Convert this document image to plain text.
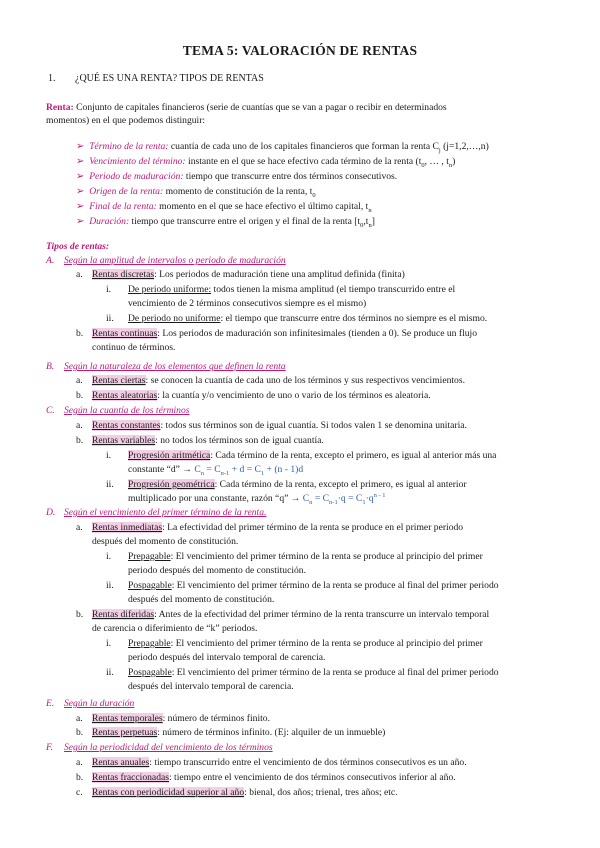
TEMA 5: VALORACIÓN DE RENTAS
1. ¿QUÉ ES UNA RENTA? TIPOS DE RENTAS
Renta: Conjunto de capitales financieros (serie de cuantías que se van a pagar o recibir en determinados
momentos) en el que podemos distinguir:
➢ Término de la renta: cuantía de cada uno de los capitales financieros que forman la renta $C_j$ (j=1,2,…,n)
➢ Vencimiento del término: instante en el que se hace efectivo cada término de la renta ($t_0$, … , $t_n$)
➢ Periodo de maduración: tiempo que transcurre entre dos términos consecutivos.
➢ Origen de la renta: momento de constitución de la renta, $t_0$
➢ Final de la renta: momento en el que se hace efectivo el último capital, $t_n$
➢ Duración: tiempo que transcurre entre el origen y el final de la renta $[t_0,t_n]$
Tipos de rentas:
A. Según la amplitud de intervalos o periodo de maduración
a. Rentas discretas: Los periodos de maduración tiene una amplitud definida (finita)
i. De periodo uniforme: todos tienen la misma amplitud (el tiempo transcurrido entre el
vencimiento de 2 términos consecutivos siempre es el mismo)
ii. De periodo no uniforme: el tiempo que transcurre entre dos términos no siempre es el mismo.
b. Rentas continuas: Los periodos de maduración son infinitesimales (tienden a 0). Se produce un flujo
continuo de términos.
B. Según la naturaleza de los elementos que definen la renta
a. Rentas ciertas: se conocen la cuantía de cada uno de los términos y sus respectivos vencimientos.
b. Rentas aleatorias: la cuantía y/o vencimiento de uno o vario de los términos es aleatoria.
C. Según la cuantía de los términos
a. Rentas constantes: todos sus términos son de igual cuantía. Si todos valen 1 se denomina unitaria.
b. Rentas variables: no todos los términos son de igual cuantía.
i. Progresión aritmética: Cada término de la renta, excepto el primero, es igual al anterior más una
constante “d” → $C_n = C_{n-1} + d = C_1 + (n - 1)d$
ii. Progresión geométrica: Cada término de la renta, excepto el primero, es igual al anterior
multiplicado por una constante, razón “q” → $C_n = C_{n-1}\cdot q = C_1\cdot q^{n - 1}$
D. Según el vencimiento del primer término de la renta.
a. Rentas inmediatas: La efectividad del primer término de la renta se produce en el primer periodo
después del momento de constitución.
i. Prepagable: El vencimiento del primer término de la renta se produce al principio del primer
periodo después del momento de constitución.
ii. Pospagable: El vencimiento del primer término de la renta se produce al final del primer periodo
después del momento de constitución.
b. Rentas diferidas: Antes de la efectividad del primer término de la renta transcurre un intervalo temporal
de carencia o diferimiento de “k” periodos.
i. Prepagable: El vencimiento del primer término de la renta se produce al principio del primer
periodo después del intervalo temporal de carencia.
ii. Pospagable: El vencimiento del primer término de la renta se produce al final del primer periodo
después del intervalo temporal de carencia.
E. Según la duración
a. Rentas temporales: número de términos finito.
b. Rentas perpetuas: número de términos infinito. (Ej: alquiler de un inmueble)
F. Según la periodicidad del vencimiento de los términos
a. Rentas anuales: tiempo transcurrido entre el vencimiento de dos términos consecutivos es un año.
b. Rentas fraccionadas: tiempo entre el vencimiento de dos términos consecutivos inferior al año.
c. Rentas con periodicidad superior al año: bienal, dos años; trienal, tres años; etc.
